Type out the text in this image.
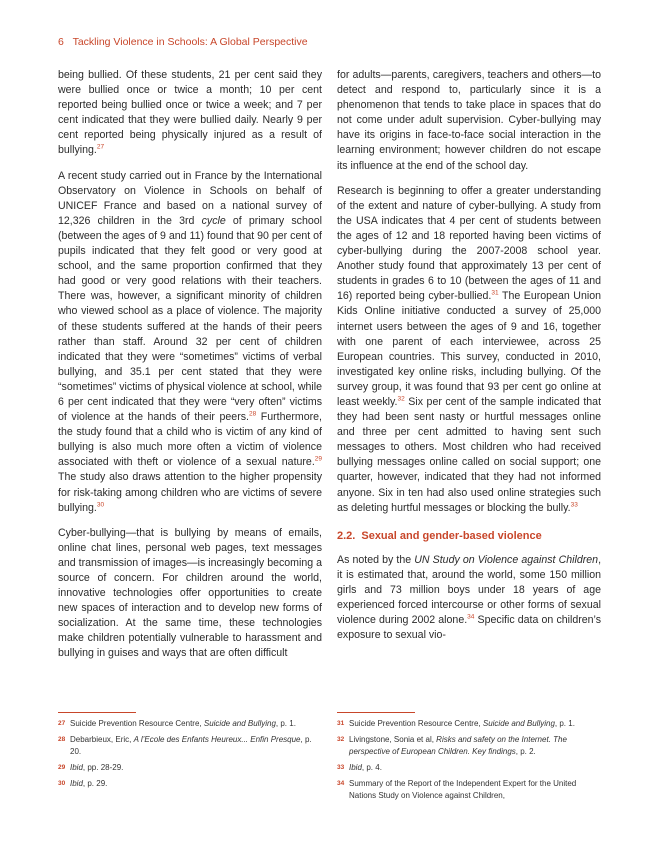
6 Tackling Violence in Schools: A Global Perspective

being bullied. Of these students, 21 per cent said they were bullied once or twice a month; 10 per cent reported being bullied once or twice a week; and 7 per cent indicated that they were bullied daily. Nearly 9 per cent reported being physically injured as a result of bullying.$^{27}$

A recent study carried out in France by the International Observatory on Violence in Schools on behalf of UNICEF France and based on a national survey of 12,326 children in the 3rd cycle of primary school (between the ages of 9 and 11) found that 90 per cent of pupils indicated that they felt good or very good at school, and the same proportion confirmed that they had good or very good relations with their teachers. There was, however, a significant minority of children who viewed school as a place of violence. The majority of these students suffered at the hands of their peers rather than staff. Around 32 per cent of children indicated that they were “sometimes” victims of verbal bullying, and 35.1 per cent stated that they were “sometimes” victims of physical violence at school, while 6 per cent indicated that they were “very often” victims of violence at the hands of their peers.$^{28}$ Furthermore, the study found that a child who is victim of any kind of bullying is also much more often a victim of violence associated with theft or violence of a sexual nature.$^{29}$ The study also draws attention to the higher propensity for risk-taking among children who are victims of severe bullying.$^{30}$

Cyber-bullying—that is bullying by means of emails, online chat lines, personal web pages, text messages and transmission of images—is increasingly becoming a source of concern. For children around the world, innovative technologies offer opportunities to create new spaces of interaction and to develop new forms of socialization. At the same time, these technologies make children potentially vulnerable to harassment and bullying in guises and ways that are often difficult

for adults—parents, caregivers, teachers and others—to detect and respond to, particularly since it is a phenomenon that tends to take place in spaces that do not come under adult supervision. Cyber-bullying may have its origins in face-to-face social interaction in the learning environment; however children do not escape its influence at the end of the school day.

Research is beginning to offer a greater understanding of the extent and nature of cyber-bullying. A study from the USA indicates that 4 per cent of students between the ages of 12 and 18 reported having been victims of cyber-bullying during the 2007-2008 school year. Another study found that approximately 13 per cent of students in grades 6 to 10 (between the ages of 11 and 16) reported being cyber-bullied.$^{31}$ The European Union Kids Online initiative conducted a survey of 25,000 internet users between the ages of 9 and 16, together with one parent of each interviewee, across 25 European countries. This survey, conducted in 2010, investigated key online risks, including bullying. Of the survey group, it was found that 93 per cent go online at least weekly.$^{32}$ Six per cent of the sample indicated that they had been sent nasty or hurtful messages online and three per cent admitted to having sent such messages to others. Most children who had received bullying messages online called on social support; one quarter, however, indicated that they had not informed anyone. Six in ten had also used online strategies such as deleting hurtful messages or blocking the bully.$^{33}$

2.2. Sexual and gender-based violence

As noted by the UN Study on Violence against Children, it is estimated that, around the world, some 150 million girls and 73 million boys under 18 years of age experienced forced intercourse or other forms of sexual violence during 2002 alone.$^{34}$ Specific data on children’s exposure to sexual vio-

27 Suicide Prevention Resource Centre, Suicide and Bullying, p. 1.
28 Debarbieux, Eric, A l’Ecole des Enfants Heureux... Enfin Presque, p. 20.
29 Ibid, pp. 28-29.
30 Ibid, p. 29.
31 Suicide Prevention Resource Centre, Suicide and Bullying, p. 1.
32 Livingstone, Sonia et al, Risks and safety on the Internet. The perspective of European Children. Key findings, p. 2.
33 Ibid, p. 4.
34 Summary of the Report of the Independent Expert for the United Nations Study on Violence against Children,
